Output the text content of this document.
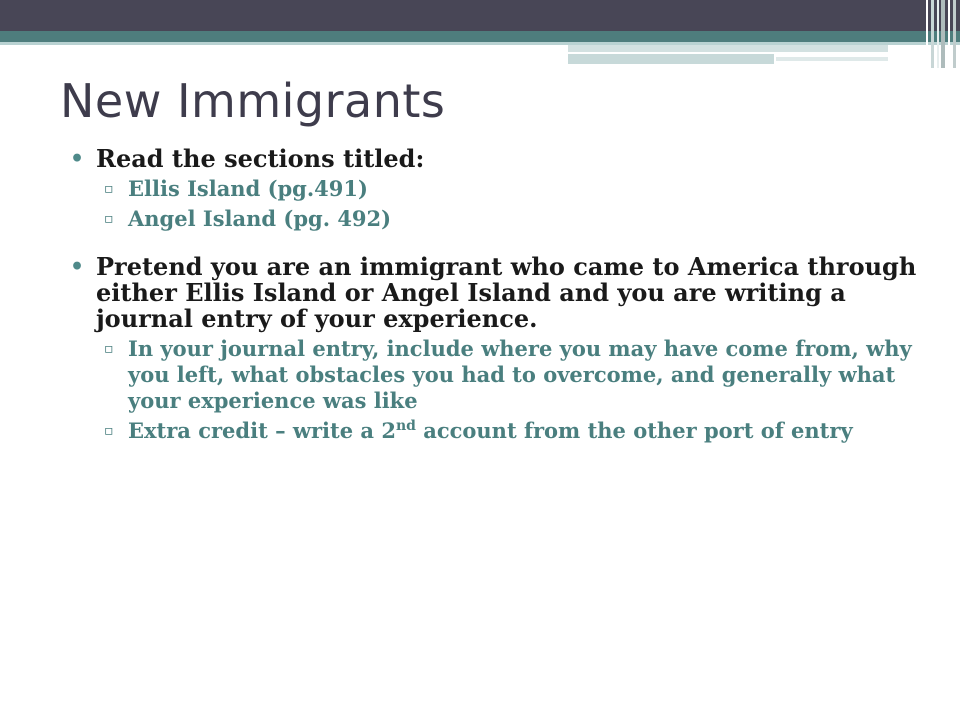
New Immigrants
• Read the sections titled:
▫ Ellis Island (pg.491)
▫ Angel Island (pg. 492)
• Pretend you are an immigrant who came to America through either Ellis Island or Angel Island and you are writing a journal entry of your experience.
▫ In your journal entry, include where you may have come from, why you left, what obstacles you had to overcome, and generally what your experience was like
▫ Extra credit – write a 2nd account from the other port of entry
